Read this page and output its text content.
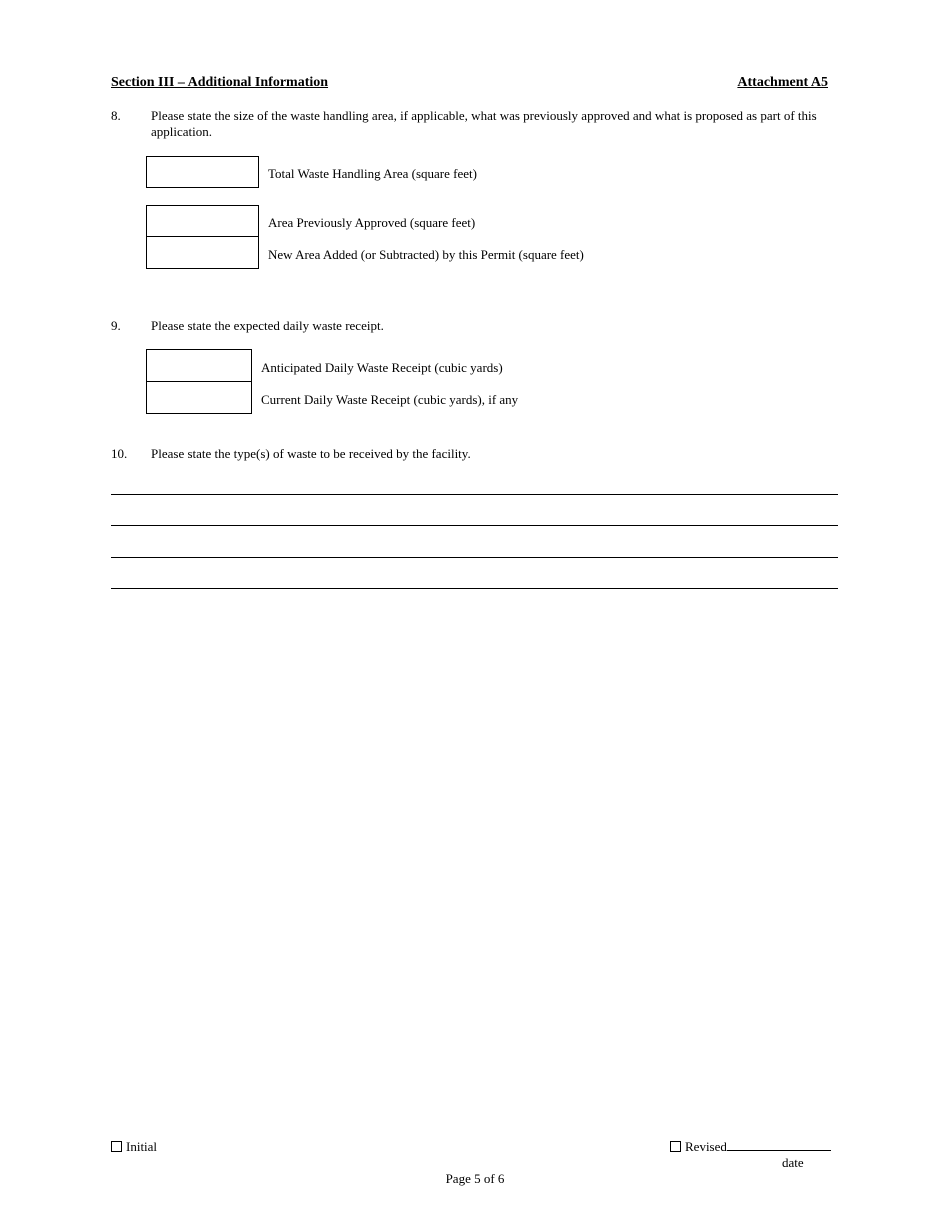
Section III – Additional Information	Attachment A5
8. Please state the size of the waste handling area, if applicable, what was previously approved and what is proposed as part of this application.
Total Waste Handling Area (square feet)
Area Previously Approved (square feet)
New Area Added (or Subtracted) by this Permit (square feet)
9. Please state the expected daily waste receipt.
Anticipated Daily Waste Receipt (cubic yards)
Current Daily Waste Receipt (cubic yards), if any
10. Please state the type(s) of waste to be received by the facility.
Initial	Revised
date
Page 5 of 6
